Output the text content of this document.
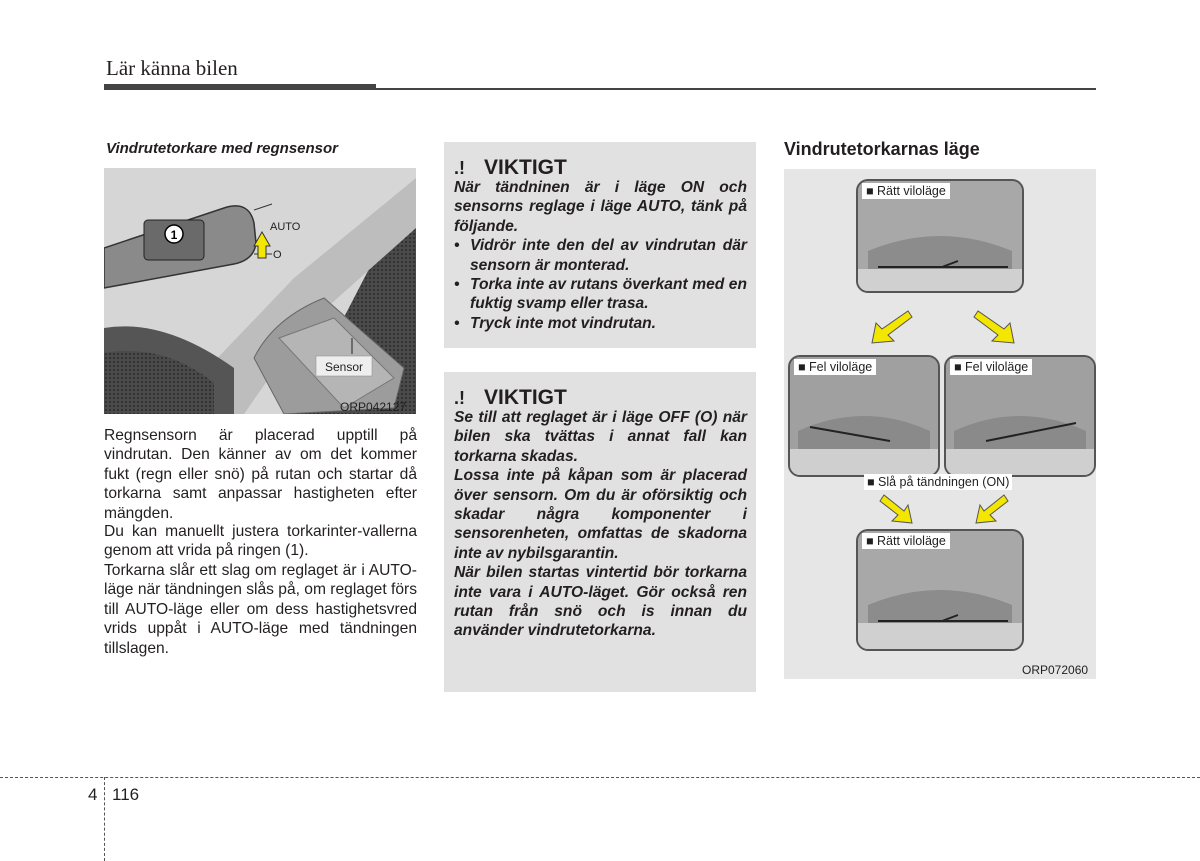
Lär känna bilen
Vindrutetorkare med regnsensor
1
AUTO
O
Sensor
ORP042127
Regnsensorn är placerad upptill på vindrutan. Den känner av om det kommer fukt (regn eller snö) på rutan och startar då torkarna samt anpassar hastigheten efter mängden.
Du kan manuellt justera torkarinter-vallerna genom att vrida på ringen (1).
Torkarna slår ett slag om reglaget är i AUTO-läge när tändningen slås på, om reglaget förs till AUTO-läge eller om dess hastighetsvred vrids uppåt i AUTO-läge med tändningen tillslagen.
.! VIKTIGT

När tändninen är i läge ON och sensorns reglage i läge AUTO, tänk på följande.

• Vidrör inte den del av vindrutan där sensorn är monterad.
• Torka inte av rutans överkant med en fuktig svamp eller trasa.
• Tryck inte mot vindrutan.
.! VIKTIGT

Se till att reglaget är i läge OFF (O) när bilen ska tvättas i annat fall kan torkarna skadas.

Lossa inte på kåpan som är placerad över sensorn. Om du är oförsiktig och skadar några komponenter i sensorenheten, omfattas de skadorna inte av nybilsgarantin.

När bilen startas vintertid bör torkarna inte vara i AUTO-läget. Gör också ren rutan från snö och is innan du använder vindrutetorkarna.

Vindrutetorkarnas läge
■ Rätt viloläge
■ Fel viloläge	■ Fel viloläge
■ Slå på tändningen (ON)
■ Rätt viloläge
ORP072060
4 116
